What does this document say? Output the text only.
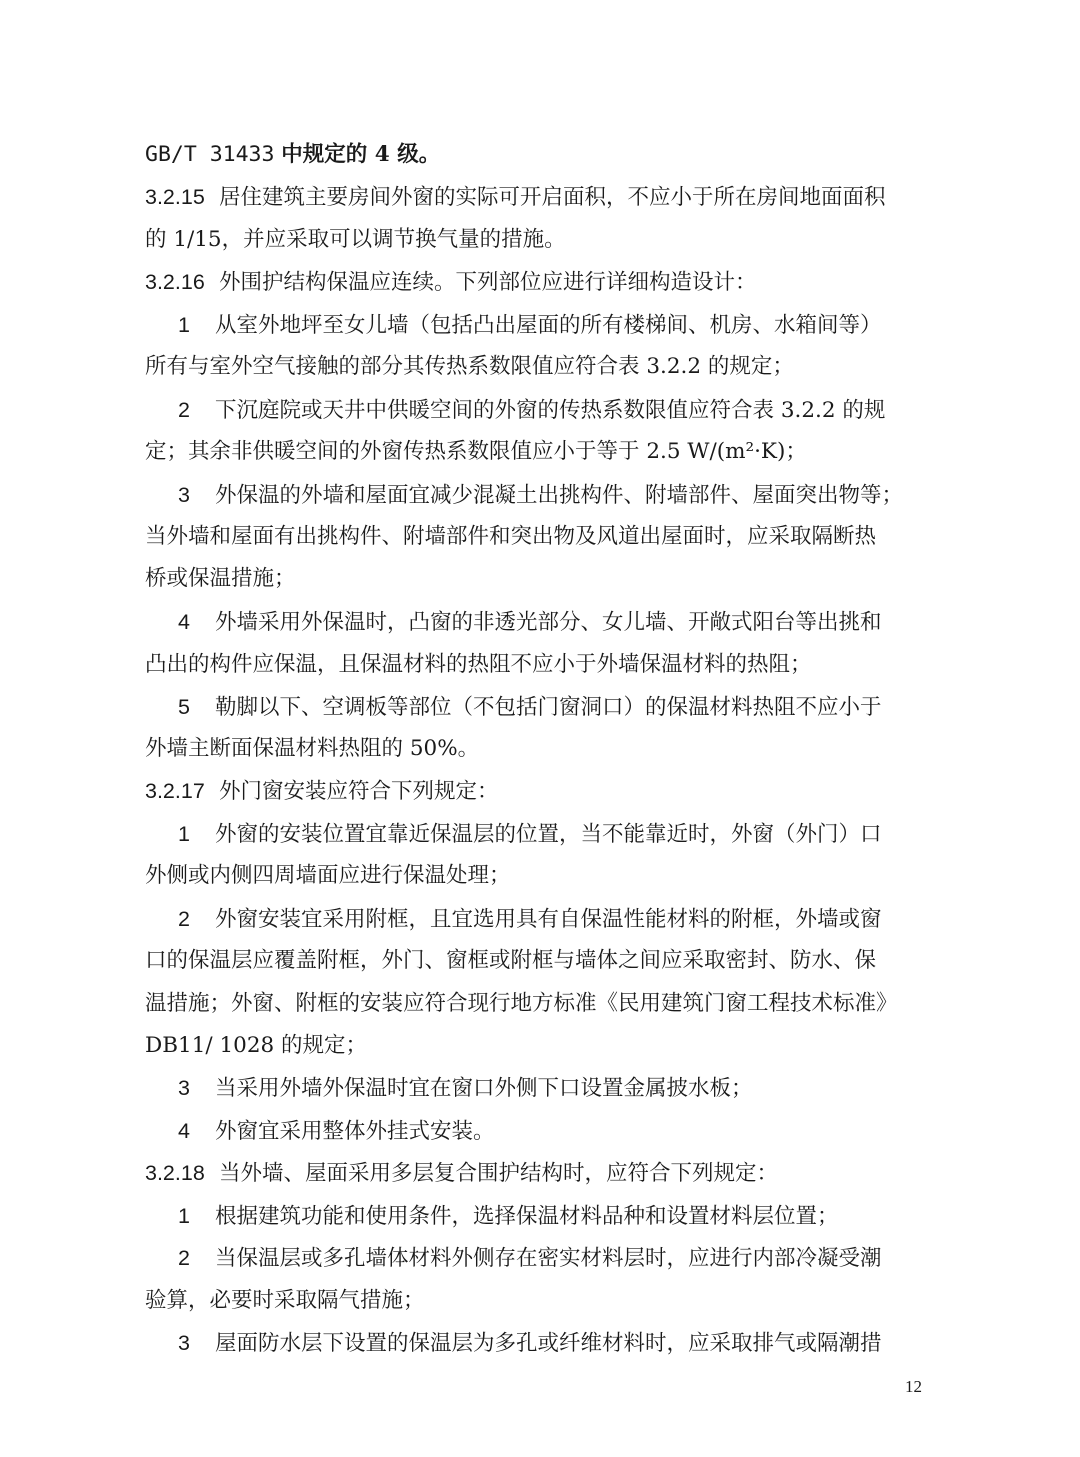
GB/T 31433 中规定的 4 级。
3.2.15 居住建筑主要房间外窗的实际可开启面积，不应小于所在房间地面面积
的 1/15，并应采取可以调节换气量的措施。
3.2.16 外围护结构保温应连续。下列部位应进行详细构造设计：
1 从室外地坪至女儿墙（包括凸出屋面的所有楼梯间、机房、水箱间等）
所有与室外空气接触的部分其传热系数限值应符合表 3.2.2 的规定；
2 下沉庭院或天井中供暖空间的外窗的传热系数限值应符合表 3.2.2 的规
定；其余非供暖空间的外窗传热系数限值应小于等于 2.5 W/(m²·K)；
3 外保温的外墙和屋面宜减少混凝土出挑构件、附墙部件、屋面突出物等；
当外墙和屋面有出挑构件、附墙部件和突出物及风道出屋面时，应采取隔断热
桥或保温措施；
4 外墙采用外保温时，凸窗的非透光部分、女儿墙、开敞式阳台等出挑和
凸出的构件应保温，且保温材料的热阻不应小于外墙保温材料的热阻；
5 勒脚以下、空调板等部位（不包括门窗洞口）的保温材料热阻不应小于
外墙主断面保温材料热阻的 50%。
3.2.17 外门窗安装应符合下列规定：
1 外窗的安装位置宜靠近保温层的位置，当不能靠近时，外窗（外门）口
外侧或内侧四周墙面应进行保温处理；
2 外窗安装宜采用附框，且宜选用具有自保温性能材料的附框，外墙或窗
口的保温层应覆盖附框，外门、窗框或附框与墙体之间应采取密封、防水、保
温措施；外窗、附框的安装应符合现行地方标准《民用建筑门窗工程技术标准》
DB11/ 1028 的规定；
3 当采用外墙外保温时宜在窗口外侧下口设置金属披水板；
4 外窗宜采用整体外挂式安装。
3.2.18 当外墙、屋面采用多层复合围护结构时，应符合下列规定：
1 根据建筑功能和使用条件，选择保温材料品种和设置材料层位置；
2 当保温层或多孔墙体材料外侧存在密实材料层时，应进行内部冷凝受潮
验算，必要时采取隔气措施；
3 屋面防水层下设置的保温层为多孔或纤维材料时，应采取排气或隔潮措
12
